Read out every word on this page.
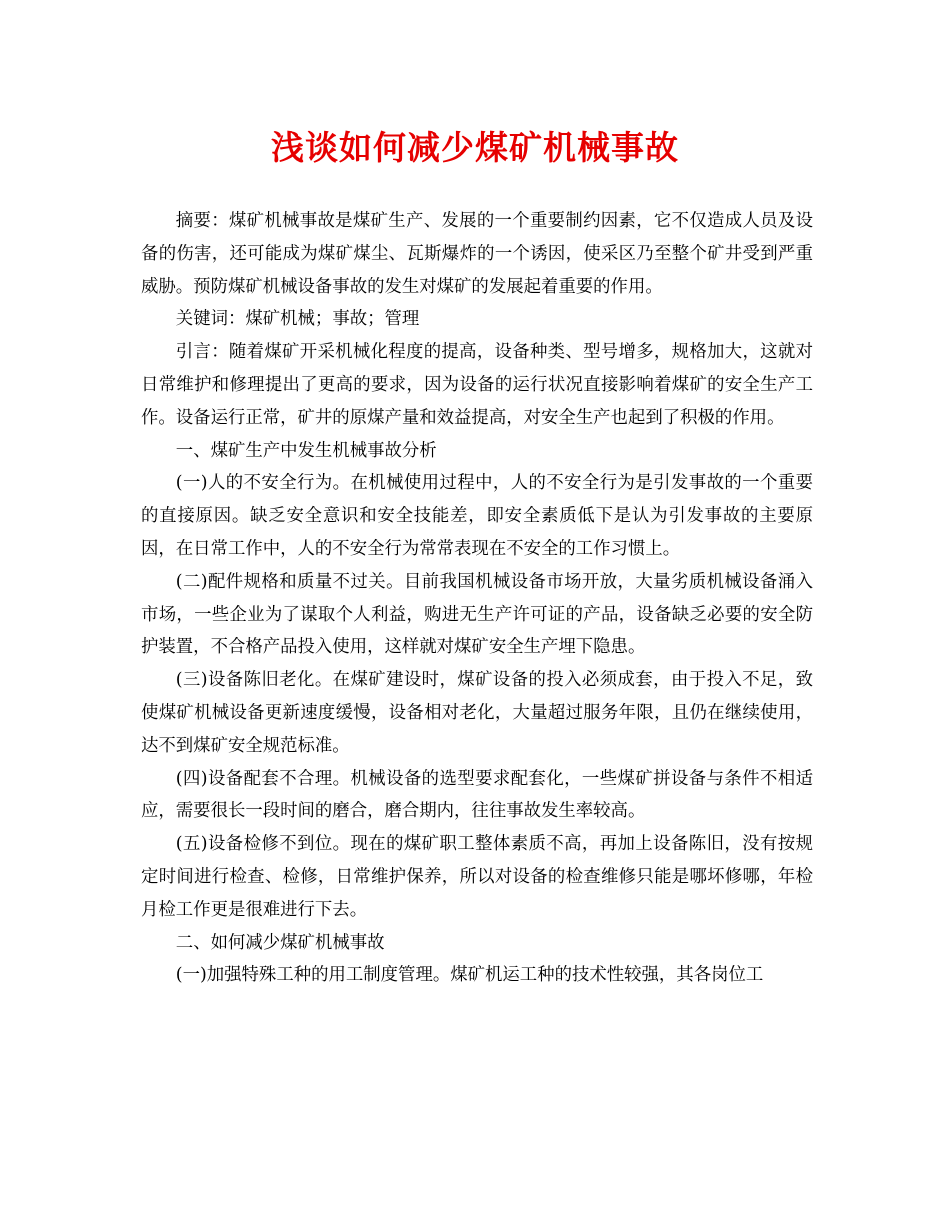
浅谈如何减少煤矿机械事故

摘要：煤矿机械事故是煤矿生产、发展的一个重要制约因素，它不仅造成人员及设备的伤害，还可能成为煤矿煤尘、瓦斯爆炸的一个诱因，使采区乃至整个矿井受到严重威胁。预防煤矿机械设备事故的发生对煤矿的发展起着重要的作用。

关键词：煤矿机械；事故；管理

引言：随着煤矿开采机械化程度的提高，设备种类、型号增多，规格加大，这就对日常维护和修理提出了更高的要求，因为设备的运行状况直接影响着煤矿的安全生产工作。设备运行正常，矿井的原煤产量和效益提高，对安全生产也起到了积极的作用。

一、煤矿生产中发生机械事故分析

(一)人的不安全行为。在机械使用过程中，人的不安全行为是引发事故的一个重要的直接原因。缺乏安全意识和安全技能差，即安全素质低下是认为引发事故的主要原因，在日常工作中，人的不安全行为常常表现在不安全的工作习惯上。

(二)配件规格和质量不过关。目前我国机械设备市场开放，大量劣质机械设备涌入市场，一些企业为了谋取个人利益，购进无生产许可证的产品，设备缺乏必要的安全防护装置，不合格产品投入使用，这样就对煤矿安全生产埋下隐患。

(三)设备陈旧老化。在煤矿建设时，煤矿设备的投入必须成套，由于投入不足，致使煤矿机械设备更新速度缓慢，设备相对老化，大量超过服务年限，且仍在继续使用，达不到煤矿安全规范标准。

(四)设备配套不合理。机械设备的选型要求配套化，一些煤矿拼设备与条件不相适应，需要很长一段时间的磨合，磨合期内，往往事故发生率较高。

(五)设备检修不到位。现在的煤矿职工整体素质不高，再加上设备陈旧，没有按规定时间进行检查、检修，日常维护保养，所以对设备的检查维修只能是哪坏修哪，年检月检工作更是很难进行下去。

二、如何减少煤矿机械事故

(一)加强特殊工种的用工制度管理。煤矿机运工种的技术性较强，其各岗位工
